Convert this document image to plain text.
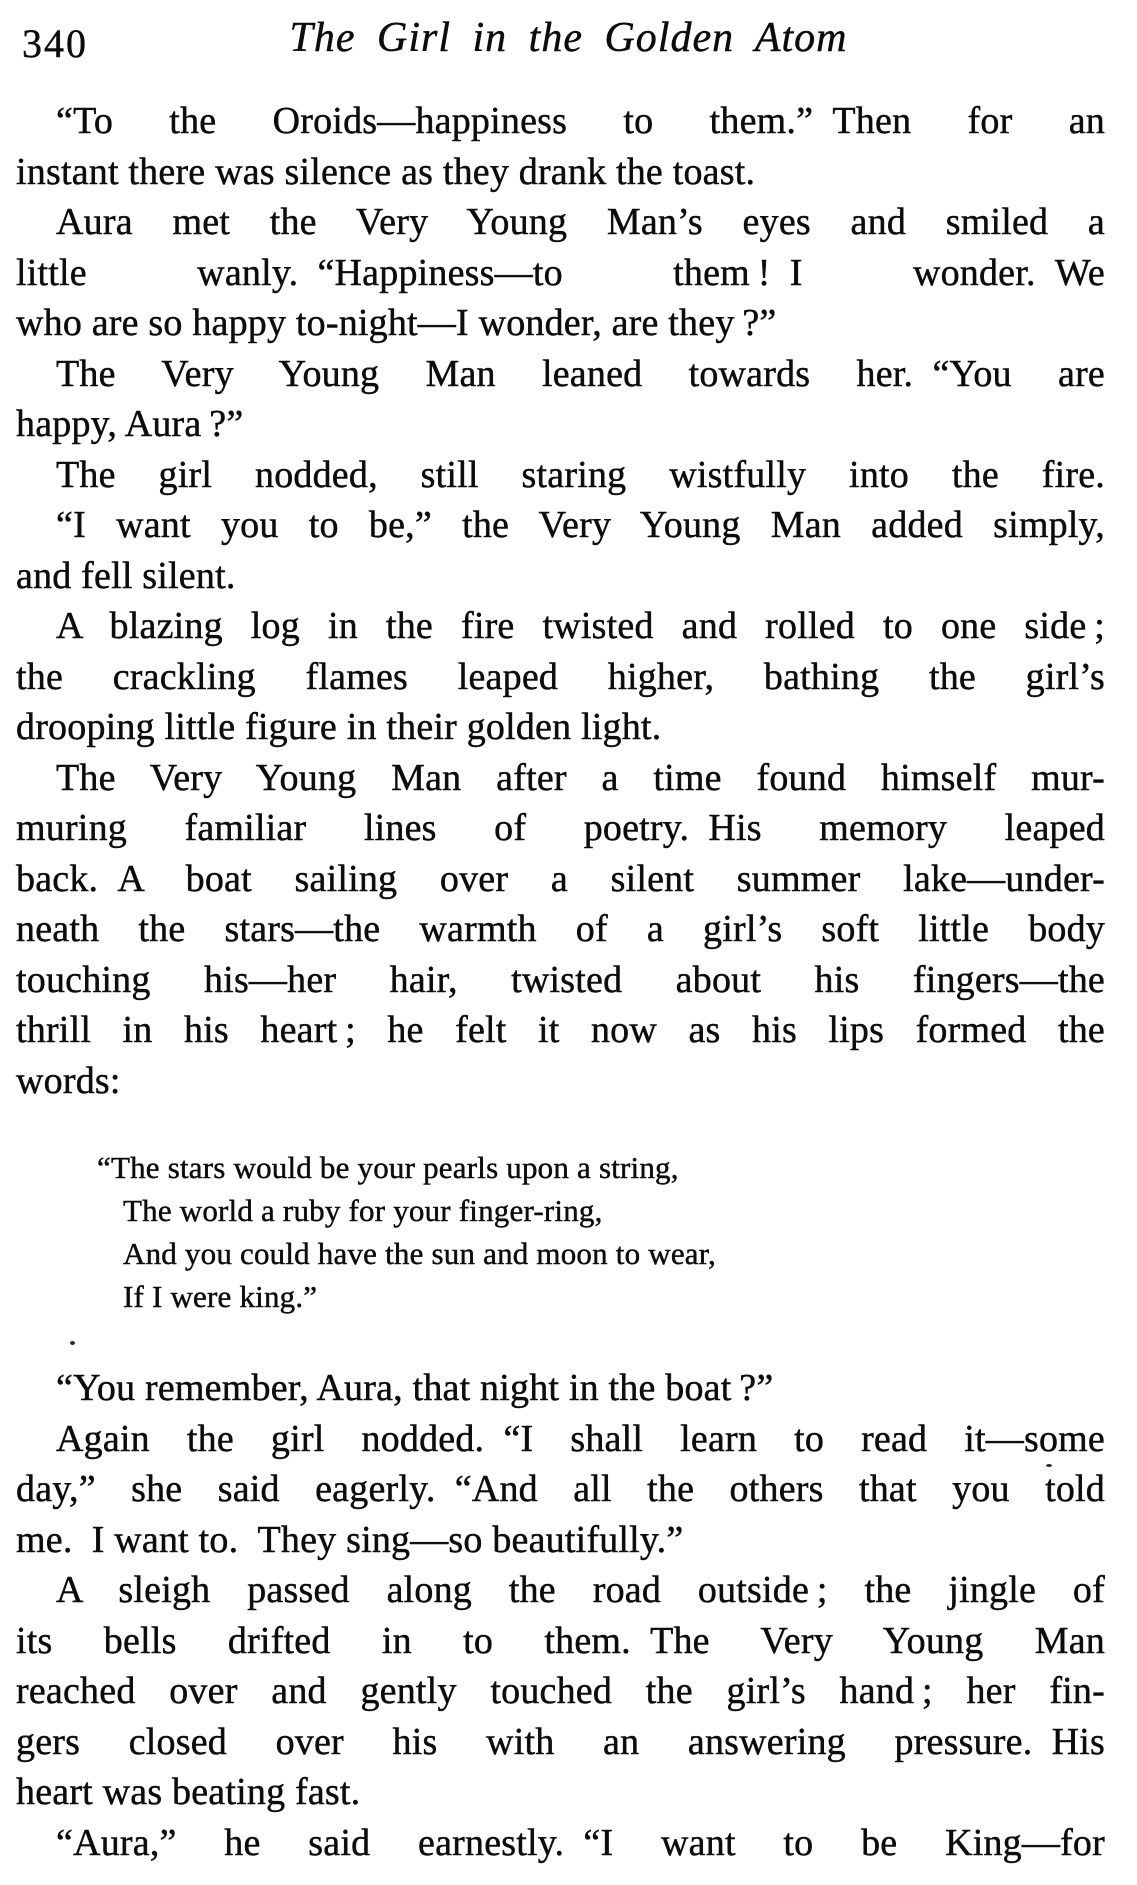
340	The Girl in the Golden Atom
“To the Oroids—happiness to them.” Then for an
instant there was silence as they drank the toast.
Aura met the Very Young Man’s eyes and smiled a
little wanly. “Happiness—to them ! I wonder. We
who are so happy to-night—I wonder, are they ?”
The Very Young Man leaned towards her. “You are
happy, Aura ?”
The girl nodded, still staring wistfully into the fire.
“I want you to be,” the Very Young Man added simply,
and fell silent.
A blazing log in the fire twisted and rolled to one side ;
the crackling flames leaped higher, bathing the girl’s
drooping little figure in their golden light.
The Very Young Man after a time found himself mur-
muring familiar lines of poetry. His memory leaped
back. A boat sailing over a silent summer lake—under-
neath the stars—the warmth of a girl’s soft little body
touching his—her hair, twisted about his fingers—the
thrill in his heart ; he felt it now as his lips formed the
words:
“The stars would be your pearls upon a string,
The world a ruby for your finger-ring,
And you could have the sun and moon to wear,
If I were king.”
“You remember, Aura, that night in the boat ?”
Again the girl nodded. “I shall learn to read it—some
day,” she said eagerly. “And all the others that you told
me. I want to. They sing—so beautifully.”
A sleigh passed along the road outside ; the jingle of
its bells drifted in to them. The Very Young Man
reached over and gently touched the girl’s hand ; her fin-
gers closed over his with an answering pressure. His
heart was beating fast.
“Aura,” he said earnestly. “I want to be King—for
